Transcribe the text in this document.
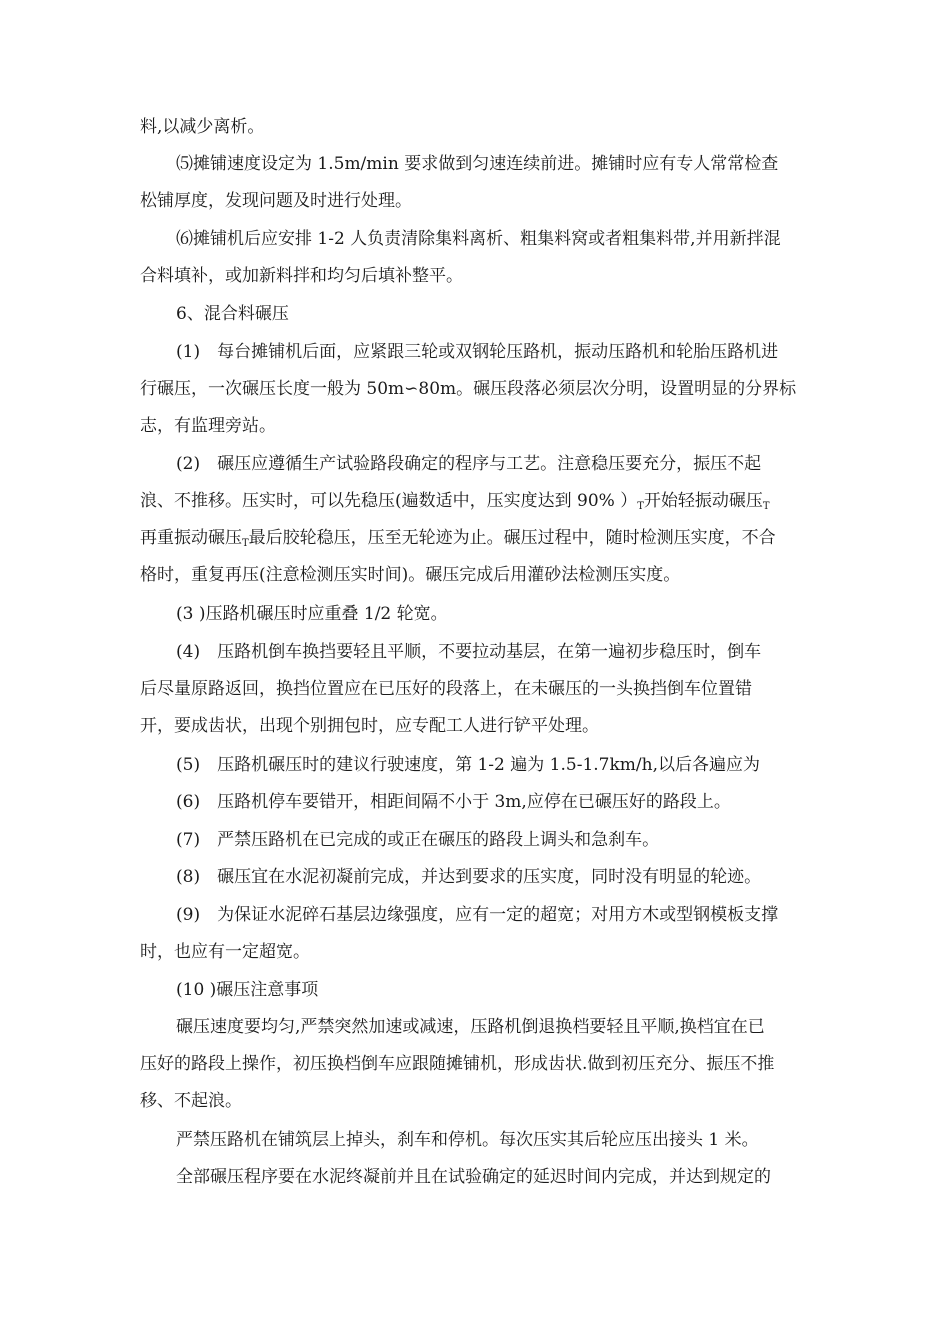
料,以减少离析。

⑸摊铺速度设定为 1.5m/min 要求做到匀速连续前进。摊铺时应有专人常常检查
松铺厚度，发现问题及时进行处理。

⑹摊铺机后应安排 1-2 人负责清除集料离析、粗集料窝或者粗集料带,并用新拌混
合料填补，或加新料拌和均匀后填补整平。

6、混合料碾压

(1)　每台摊铺机后面，应紧跟三轮或双钢轮压路机，振动压路机和轮胎压路机进
行碾压，一次碾压长度一般为 50m∽80m。碾压段落必须层次分明，设置明显的分界标
志，有监理旁站。

(2)　碾压应遵循生产试验路段确定的程序与工艺。注意稳压要充分，振压不起
浪、不推移。压实时，可以先稳压(遍数适中，压实度达到 90% ）$_T$开始轻振动碾压$_T$
再重振动碾压$_T$最后胶轮稳压，压至无轮迹为止。碾压过程中，随时检测压实度，不合
格时，重复再压(注意检测压实时间)。碾压完成后用灌砂法检测压实度。

(3 )压路机碾压时应重叠 1/2 轮宽。

(4)　压路机倒车换挡要轻且平顺，不要拉动基层，在第一遍初步稳压时，倒车
后尽量原路返回，换挡位置应在已压好的段落上，在未碾压的一头换挡倒车位置错
开，要成齿状，出现个别拥包时，应专配工人进行铲平处理。

(5)　压路机碾压时的建议行驶速度，第 1-2 遍为 1.5-1.7km/h,以后各遍应为

(6)　压路机停车要错开，相距间隔不小于 3m,应停在已碾压好的路段上。

(7)　严禁压路机在已完成的或正在碾压的路段上调头和急刹车。

(8)　碾压宜在水泥初凝前完成，并达到要求的压实度，同时没有明显的轮迹。

(9)　为保证水泥碎石基层边缘强度，应有一定的超宽；对用方木或型钢模板支撑
时，也应有一定超宽。

(10 )碾压注意事项

碾压速度要均匀,严禁突然加速或减速，压路机倒退换档要轻且平顺,换档宜在已
压好的路段上操作，初压换档倒车应跟随摊铺机，形成齿状.做到初压充分、振压不推
移、不起浪。

严禁压路机在铺筑层上掉头，刹车和停机。每次压实其后轮应压出接头 1 米。

全部碾压程序要在水泥终凝前并且在试验确定的延迟时间内完成，并达到规定的
